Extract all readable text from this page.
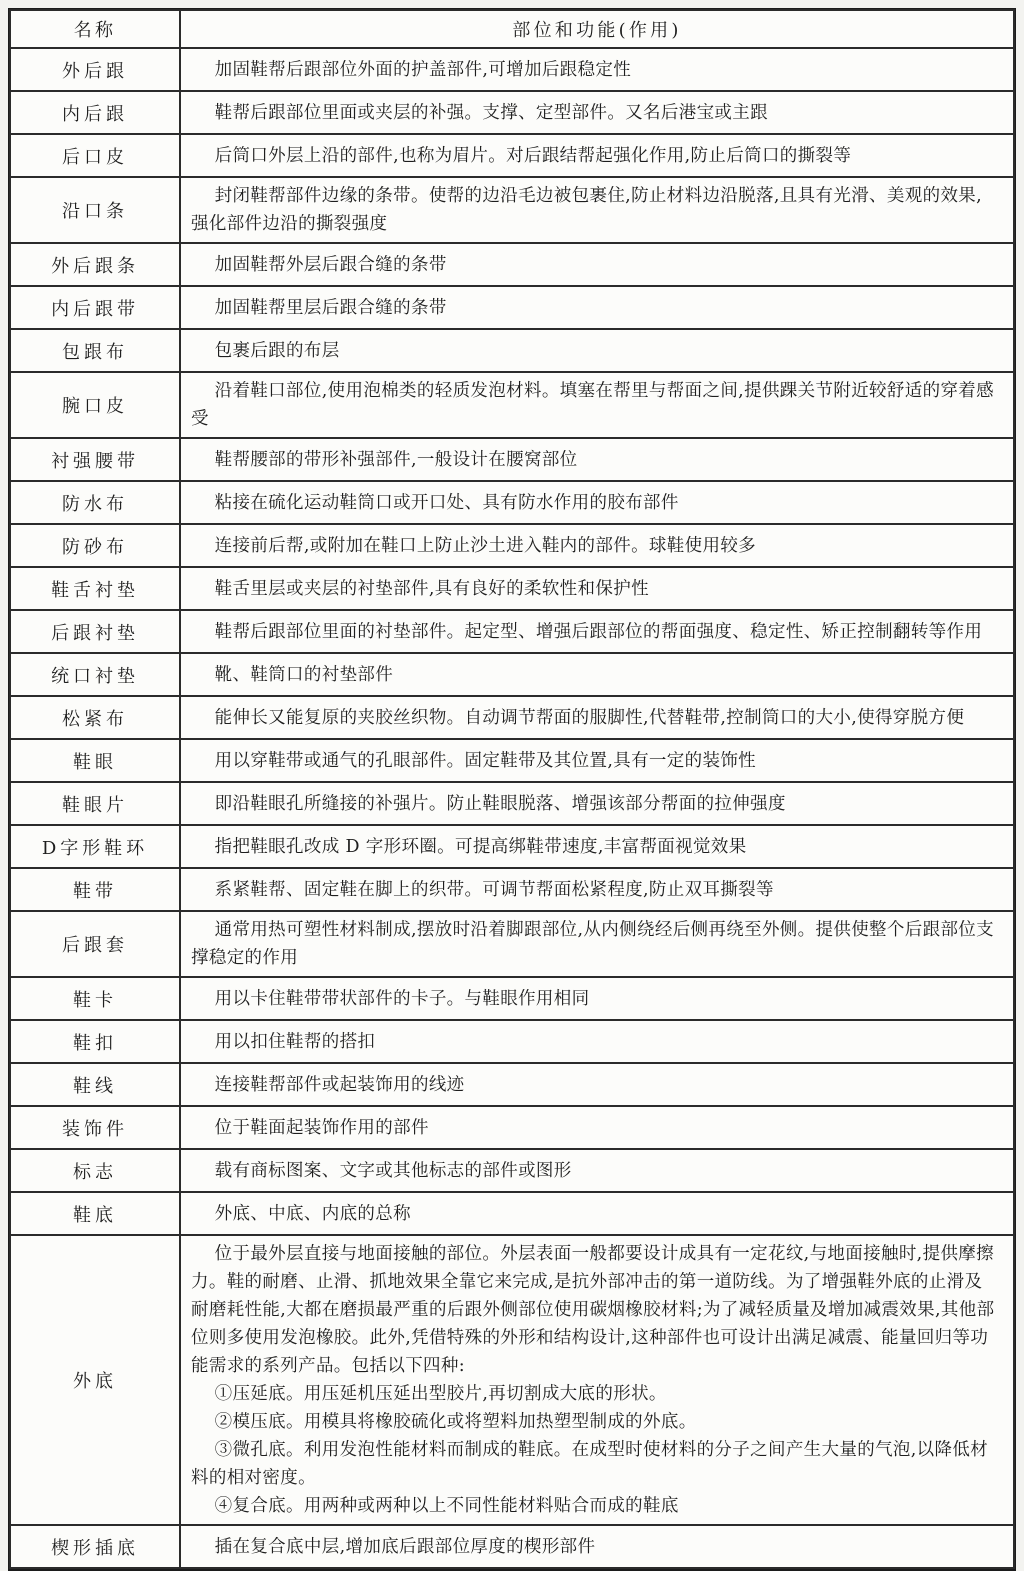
名称	部位和功能(作用)
外后跟	加固鞋帮后跟部位外面的护盖部件,可增加后跟稳定性

内后跟	鞋帮后跟部位里面或夹层的补强。支撑、定型部件。又名后港宝或主跟

后口皮	后筒口外层上沿的部件,也称为眉片。对后跟结帮起强化作用,防止后筒口的撕裂等

沿口条	封闭鞋帮部件边缘的条带。使帮的边沿毛边被包裹住,防止材料边沿脱落,且具有光滑、美观的效果,强化部件边沿的撕裂强度

外后跟条	加固鞋帮外层后跟合缝的条带

内后跟带	加固鞋帮里层后跟合缝的条带

包跟布	包裹后跟的布层

腕口皮	沿着鞋口部位,使用泡棉类的轻质发泡材料。填塞在帮里与帮面之间,提供踝关节附近较舒适的穿着感受

衬强腰带	鞋帮腰部的带形补强部件,一般设计在腰窝部位

防水布	粘接在硫化运动鞋筒口或开口处、具有防水作用的胶布部件

防砂布	连接前后帮,或附加在鞋口上防止沙土进入鞋内的部件。球鞋使用较多

鞋舌衬垫	鞋舌里层或夹层的衬垫部件,具有良好的柔软性和保护性

后跟衬垫	鞋帮后跟部位里面的衬垫部件。起定型、增强后跟部位的帮面强度、稳定性、矫正控制翻转等作用

统口衬垫	靴、鞋筒口的衬垫部件

松紧布	能伸长又能复原的夹胶丝织物。自动调节帮面的服脚性,代替鞋带,控制筒口的大小,使得穿脱方便

鞋眼	用以穿鞋带或通气的孔眼部件。固定鞋带及其位置,具有一定的装饰性

鞋眼片	即沿鞋眼孔所缝接的补强片。防止鞋眼脱落、增强该部分帮面的拉伸强度

D字形鞋环	指把鞋眼孔改成 D 字形环圈。可提高绑鞋带速度,丰富帮面视觉效果

鞋带	系紧鞋帮、固定鞋在脚上的织带。可调节帮面松紧程度,防止双耳撕裂等

后跟套	通常用热可塑性材料制成,摆放时沿着脚跟部位,从内侧绕经后侧再绕至外侧。提供使整个后跟部位支撑稳定的作用

鞋卡	用以卡住鞋带带状部件的卡子。与鞋眼作用相同

鞋扣	用以扣住鞋帮的搭扣

鞋线	连接鞋帮部件或起装饰用的线迹

装饰件	位于鞋面起装饰作用的部件

标志	载有商标图案、文字或其他标志的部件或图形

鞋底	外底、中底、内底的总称

外底	位于最外层直接与地面接触的部位。外层表面一般都要设计成具有一定花纹,与地面接触时,提供摩擦力。鞋的耐磨、止滑、抓地效果全靠它来完成,是抗外部冲击的第一道防线。为了增强鞋外底的止滑及耐磨耗性能,大都在磨损最严重的后跟外侧部位使用碳烟橡胶材料;为了减轻质量及增加减震效果,其他部位则多使用发泡橡胶。此外,凭借特殊的外形和结构设计,这种部件也可设计出满足减震、能量回归等功能需求的系列产品。包括以下四种:

①压延底。用压延机压延出型胶片,再切割成大底的形状。

②模压底。用模具将橡胶硫化或将塑料加热塑型制成的外底。

③微孔底。利用发泡性能材料而制成的鞋底。在成型时使材料的分子之间产生大量的气泡,以降低材料的相对密度。

④复合底。用两种或两种以上不同性能材料贴合而成的鞋底

楔形插底	插在复合底中层,增加底后跟部位厚度的楔形部件
